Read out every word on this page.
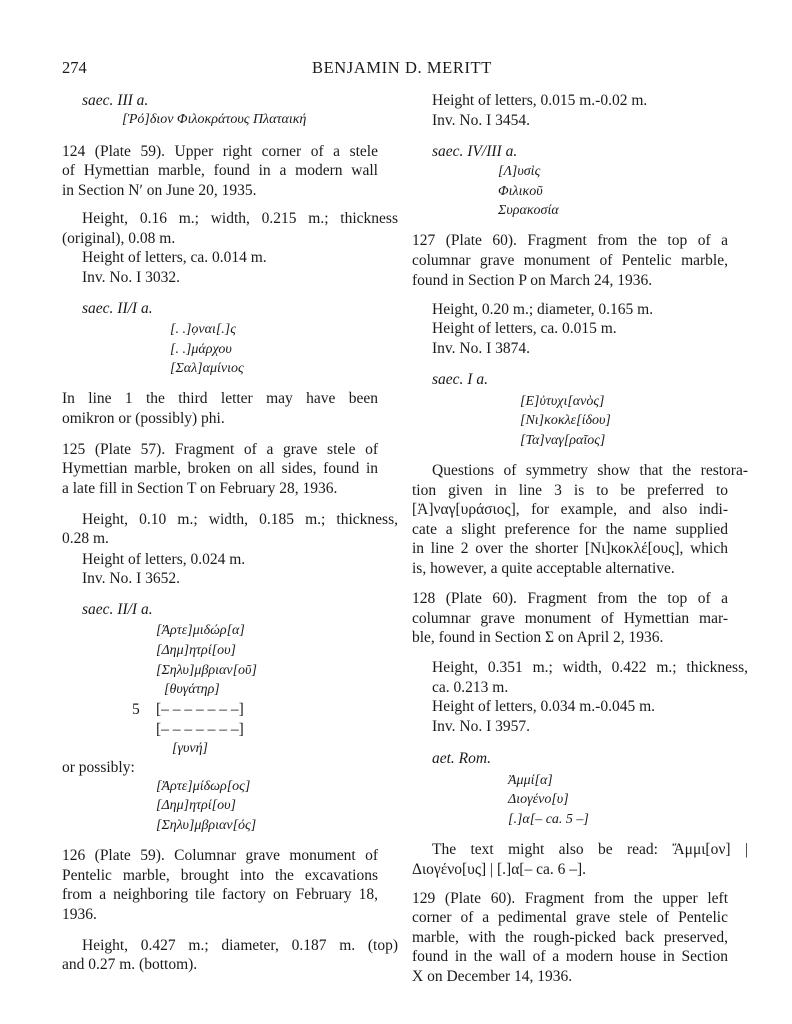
274	BENJAMIN D. MERITT
saec. III a.
[Ῥό]διον Φιλοκράτους Πλαταική
124 (Plate 59). Upper right corner of a stele
of Hymettian marble, found in a modern wall
in Section Nʹ on June 20, 1935.
Height, 0.16 m.; width, 0.215 m.; thickness
(original), 0.08 m.
Height of letters, ca. 0.014 m.
Inv. No. I 3032.
saec. II/I a.
[. .]ọναι[.]ς
[. .]μάρχου
[Σαλ]αμίνιος
In line 1 the third letter may have been
omikron or (possibly) phi.
125 (Plate 57). Fragment of a grave stele of
Hymettian marble, broken on all sides, found in
a late fill in Section T on February 28, 1936.
Height, 0.10 m.; width, 0.185 m.; thickness,
0.28 m.
Height of letters, 0.024 m.
Inv. No. I 3652.
saec. II/I a.
[Ἀρτε]μιδώρ[α]
[Δημ]ητρί[ου]
[Σηλυ]μβριαν[οῦ]
[θυγάτηρ]
5 [– – – – – – –]
[– – – – – – –]
[γυνή]
or possibly:
[Ἀρτε]μίδωρ[ος]
[Δημ]ητρί[ου]
[Σηλυ]μβριαν[ός]
126 (Plate 59). Columnar grave monument of
Pentelic marble, brought into the excavations
from a neighboring tile factory on February 18,
1936.
Height, 0.427 m.; diameter, 0.187 m. (top)
and 0.27 m. (bottom).
Height of letters, 0.015 m.-0.02 m.
Inv. No. I 3454.
saec. IV/III a.
[Λ]υσὶς
Φιλικοῦ
Συρακοσία
127 (Plate 60). Fragment from the top of a
columnar grave monument of Pentelic marble,
found in Section P on March 24, 1936.
Height, 0.20 m.; diameter, 0.165 m.
Height of letters, ca. 0.015 m.
Inv. No. I 3874.
saec. I a.
[Ε]ὐτυχι[ανὸς]
[Νι]κοκλε[ίδου]
[Τα]ναγ[ραῖος]
Questions of symmetry show that the restora-
tion given in line 3 is to be preferred to
[Ἀ]ναγ[υράσιος], for example, and also indi-
cate a slight preference for the name supplied
in line 2 over the shorter [Νι]κοκλέ[ους], which
is, however, a quite acceptable alternative.
128 (Plate 60). Fragment from the top of a
columnar grave monument of Hymettian mar-
ble, found in Section Σ on April 2, 1936.
Height, 0.351 m.; width, 0.422 m.; thickness,
ca. 0.213 m.
Height of letters, 0.034 m.-0.045 m.
Inv. No. I 3957.
aet. Rom.
Ἀμμί[α]
Διογένο[υ]
[.]α[– ca. 5 –]
The text might also be read: Ἄμμι[ον] |
Διογένο[υς] | [.]α[– ca. 6 –].
129 (Plate 60). Fragment from the upper left
corner of a pedimental grave stele of Pentelic
marble, with the rough-picked back preserved,
found in the wall of a modern house in Section
X on December 14, 1936.
